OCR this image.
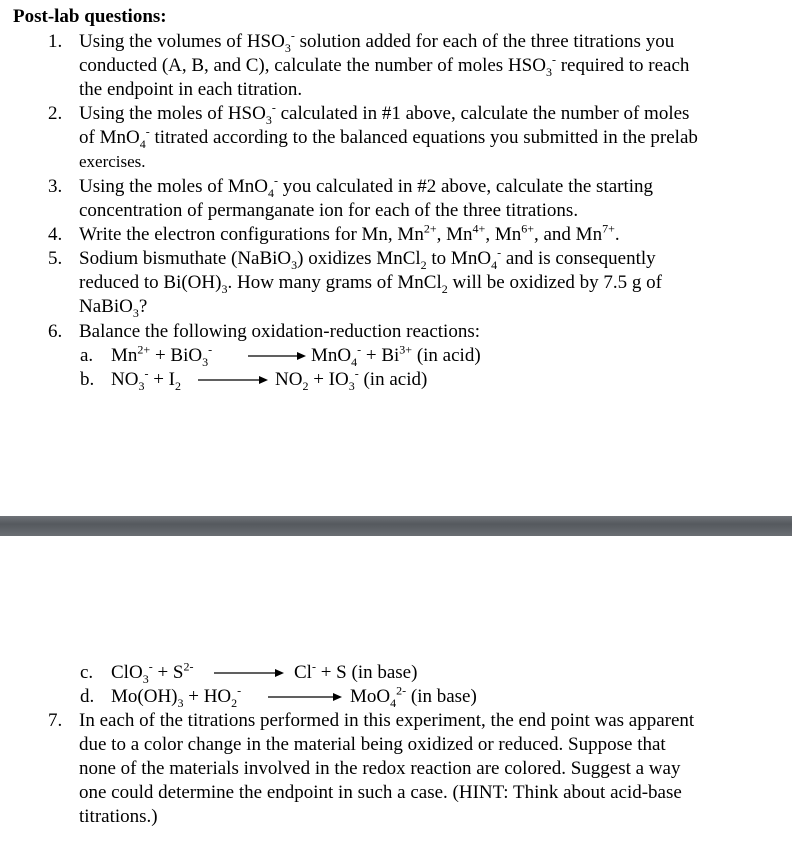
Post-lab questions:
1. Using the volumes of $HSO_3^-$ solution added for each of the three titrations you
conducted (A, B, and C), calculate the number of moles $HSO_3^-$ required to reach
the endpoint in each titration.
2. Using the moles of $HSO_3^-$ calculated in #1 above, calculate the number of moles
of MnO$_4$- titrated according to the balanced equations you submitted in the prelab
exercises.
3. Using the moles of MnO$_4$- you calculated in #2 above, calculate the starting
concentration of permanganate ion for each of the three titrations.
4. Write the electron configurations for Mn, $Mn^{2+}$, $Mn^{4+}$, $Mn^{6+}$, and $Mn^{7+}$.
5. Sodium bismuthate (NaBiO$_3$) oxidizes MnCl$_2$ to MnO$_4$- and is consequently
reduced to $Bi(OH)_3$. How many grams of MnCl$_2$ will be oxidized by 7.5 g of
NaBiO$_3$?
6. Balance the following oxidation-reduction reactions:
a. $Mn^{2+} + BiO_3^- \to MnO_4^- + Bi^{3+}$ (in acid)
b. $NO_3^- + I_2 \to NO_2 + IO_3^-$ (in acid)
c. $ClO_3^- + S^{2-} \to Cl^- + S$ (in base)
d. $Mo(OH)_3 + HO_2^- \to MoO_4^{2-}$ (in base)
7. In each of the titrations performed in this experiment, the end point was apparent
due to a color change in the material being oxidized or reduced. Suppose that
none of the materials involved in the redox reaction are colored. Suggest a way
one could determine the endpoint in such a case. (HINT: Think about acid-base
titrations.)
